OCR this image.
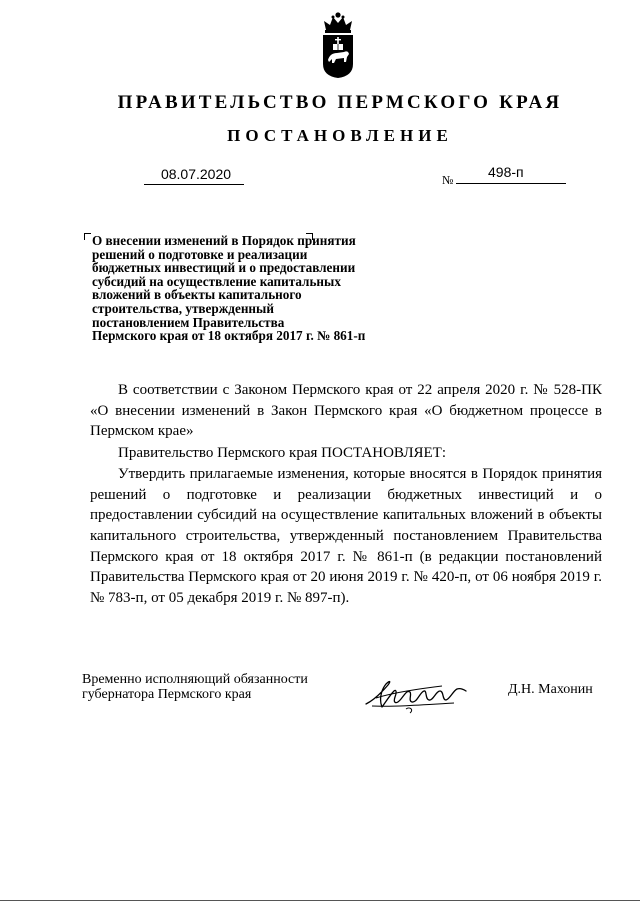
ПРАВИТЕЛЬСТВО ПЕРМСКОГО КРАЯ
ПОСТАНОВЛЕНИЕ
08.07.2020	№ 498-п
О внесении изменений в Порядок принятия
решений о подготовке и реализации
бюджетных инвестиций и о предоставлении
субсидий на осуществление капитальных
вложений в объекты капитального
строительства, утвержденный
постановлением Правительства
Пермского края от 18 октября 2017 г. № 861-п

В соответствии с Законом Пермского края от 22 апреля 2020 г. № 528-ПК «О внесении изменений в Закон Пермского края «О бюджетном процессе в Пермском крае»

Правительство Пермского края ПОСТАНОВЛЯЕТ:

Утвердить прилагаемые изменения, которые вносятся в Порядок принятия решений о подготовке и реализации бюджетных инвестиций и о предоставлении субсидий на осуществление капитальных вложений в объекты капитального строительства, утвержденный постановлением Правительства Пермского края от 18 октября 2017 г. № 861-п (в редакции постановлений Правительства Пермского края от 20 июня 2019 г. № 420-п, от 06 ноября 2019 г. № 783-п, от 05 декабря 2019 г. № 897-п).

Временно исполняющий обязанности
губернатора Пермского края	Д.Н. Махонин
